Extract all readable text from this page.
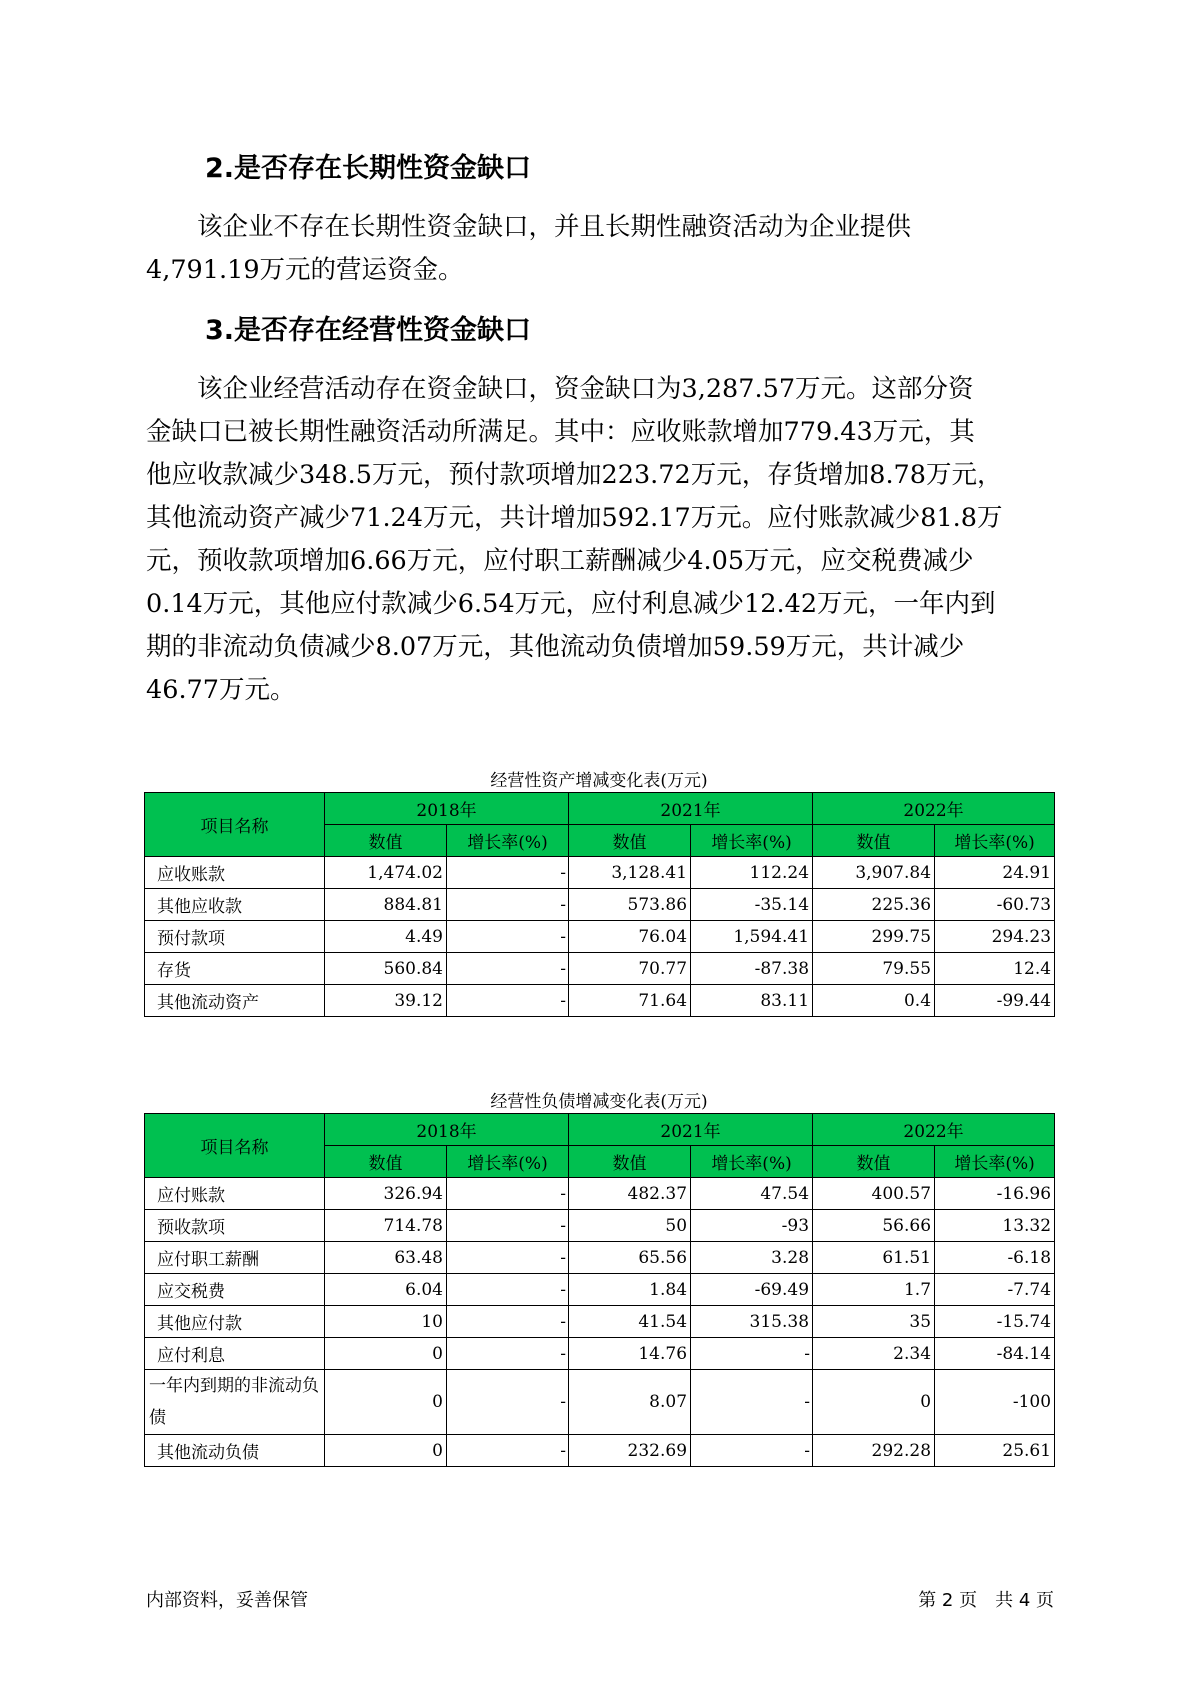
2.是否存在长期性资金缺口
　　该企业不存在长期性资金缺口，并且长期性融资活动为企业提供
4,791.19万元的营运资金。
3.是否存在经营性资金缺口
　　该企业经营活动存在资金缺口，资金缺口为3,287.57万元。这部分资
金缺口已被长期性融资活动所满足。其中：应收账款增加779.43万元，其
他应收款减少348.5万元，预付款项增加223.72万元，存货增加8.78万元，
其他流动资产减少71.24万元，共计增加592.17万元。应付账款减少81.8万
元，预收款项增加6.66万元，应付职工薪酬减少4.05万元，应交税费减少
0.14万元，其他应付款减少6.54万元，应付利息减少12.42万元，一年内到
期的非流动负债减少8.07万元，其他流动负债增加59.59万元，共计减少
46.77万元。
经营性资产增减变化表(万元)
项目名称	2018年		2021年		2022年	
	数值	增长率(%)	数值	增长率(%)	数值	增长率(%)
应收账款	1,474.02	-	3,128.41	112.24	3,907.84	24.91
其他应收款	884.81	-	573.86	-35.14	225.36	-60.73
预付款项	4.49	-	76.04	1,594.41	299.75	294.23
存货	560.84	-	70.77	-87.38	79.55	12.4
其他流动资产	39.12	-	71.64	83.11	0.4	-99.44
经营性负债增减变化表(万元)
项目名称	2018年		2021年		2022年	
	数值	增长率(%)	数值	增长率(%)	数值	增长率(%)
应付账款	326.94	-	482.37	47.54	400.57	-16.96
预收款项	714.78	-	50	-93	56.66	13.32
应付职工薪酬	63.48	-	65.56	3.28	61.51	-6.18
应交税费	6.04	-	1.84	-69.49	1.7	-7.74
其他应付款	10	-	41.54	315.38	35	-15.74
应付利息	0	-	14.76	-	2.34	-84.14
一年内到期的非流动负债	0	-	8.07	-	0	-100
其他流动负债	0	-	232.69	-	292.28	25.61
内部资料，妥善保管	第 2 页　共 4 页
